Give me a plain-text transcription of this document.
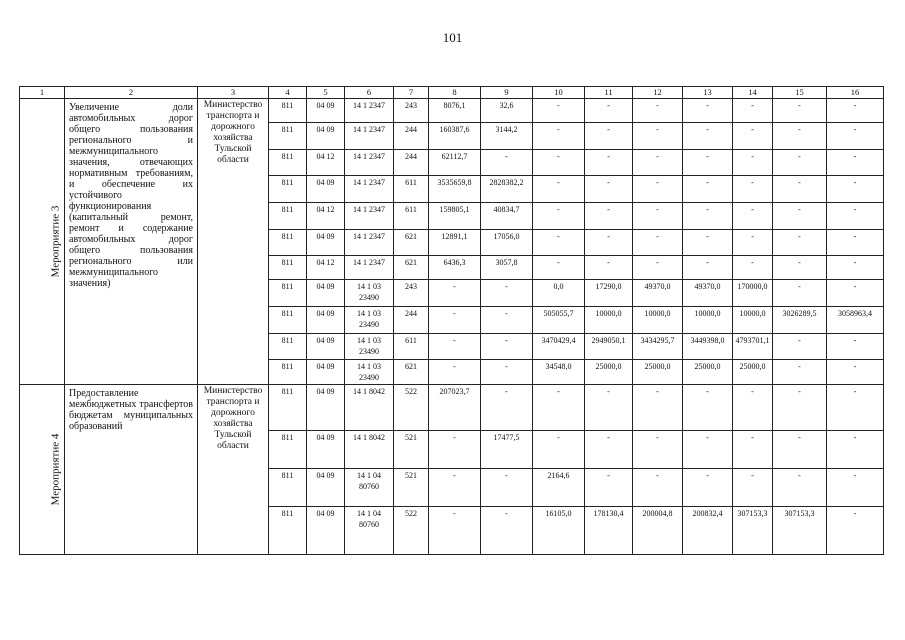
101
1	2	3	4	5	6	7	8	9	10	11	12	13	14	15	16
Мероприятие 3	Увеличение доли автомобильных дорог общего пользования регионального и межмуниципального значения, отвечающих нормативным требованиям, и обеспечение их устойчивого функционирования (капитальный ремонт, ремонт и содержание автомобильных дорог общего пользования регионального или межмуниципального значения)	Министерство транспорта и дорожного хозяйства Тульской области	811	04 09	14 1 2347	243	8076,1	32,6	-	-	-	-	-	-	-
			811	04 09	14 1 2347	244	160387,6	3144,2	-	-	-	-	-	-	-
			811	04 12	14 1 2347	244	62112,7	-	-	-	-	-	-	-	-
			811	04 09	14 1 2347	611	3535659,8	2828382,2	-	-	-	-	-	-	-
			811	04 12	14 1 2347	611	159805,1	40834,7	-	-	-	-	-	-	-
			811	04 09	14 1 2347	621	12891,1	17056,0	-	-	-	-	-	-	-
			811	04 12	14 1 2347	621	6436,3	3057,8	-	-	-	-	-	-	-
			811	04 09	14 1 03 23490	243	-	-	0,0	17290,0	49370,0	49370,0	170000,0	-	-
			811	04 09	14 1 03 23490	244	-	-	505055,7	10000,0	10000,0	10000,0	10000,0	3026289,5	3058963,4
			811	04 09	14 1 03 23490	611	-	-	3470429,4	2949050,1	3434295,7	3449398,0	4793701,1	-	-
			811	04 09	14 1 03 23490	621	-	-	34548,0	25000,0	25000,0	25000,0	25000,0	-	-
Мероприятие 4	Предоставление межбюджетных трансфертов бюджетам муниципальных образований	Министерство транспорта и дорожного хозяйства Тульской области	811	04 09	14 1 8042	522	207023,7	-	-	-	-	-	-	-	-
			811	04 09	14 1 8042	521	-	17477,5	-	-	-	-	-	-	-
			811	04 09	14 1 04 80760	521	-	-	2164,6	-	-	-	-	-	-
			811	04 09	14 1 04 80760	522	-	-	16105,0	178130,4	200004,8	200832,4	307153,3	307153,3	-
